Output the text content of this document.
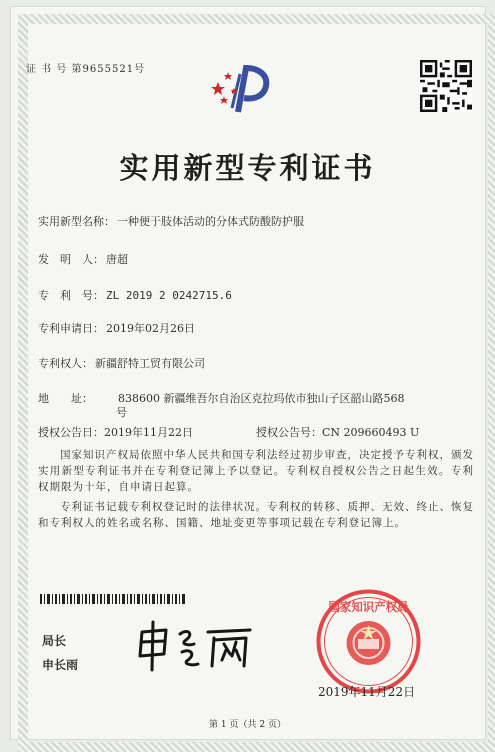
证 书 号 第9655521号
实用新型专利证书
实用新型名称： 一种便于肢体活动的分体式防酸防护服
发　明　人： 唐超
专　利　号： ZL 2019 2 0242715.6
专利申请日： 2019年02月26日
专利权人： 新疆舒特工贸有限公司
地　　址： 838600 新疆维吾尔自治区克拉玛依市独山子区韶山路568
号
授权公告日：2019年11月22日	授权公告号：CN 209660493 U
国家知识产权局依照中华人民共和国专利法经过初步审查，决定授予专利权，颁发实用新型专利证书并在专利登记簿上予以登记。专利权自授权公告之日起生效。专利权期限为十年，自申请日起算。
专利证书记载专利权登记时的法律状况。专利权的转移、质押、无效、终止、恢复和专利权人的姓名或名称、国籍、地址变更等事项记载在专利登记簿上。
局长
申长雨
国家知识产权局
2019年11月22日
第 1 页（共 2 页）
